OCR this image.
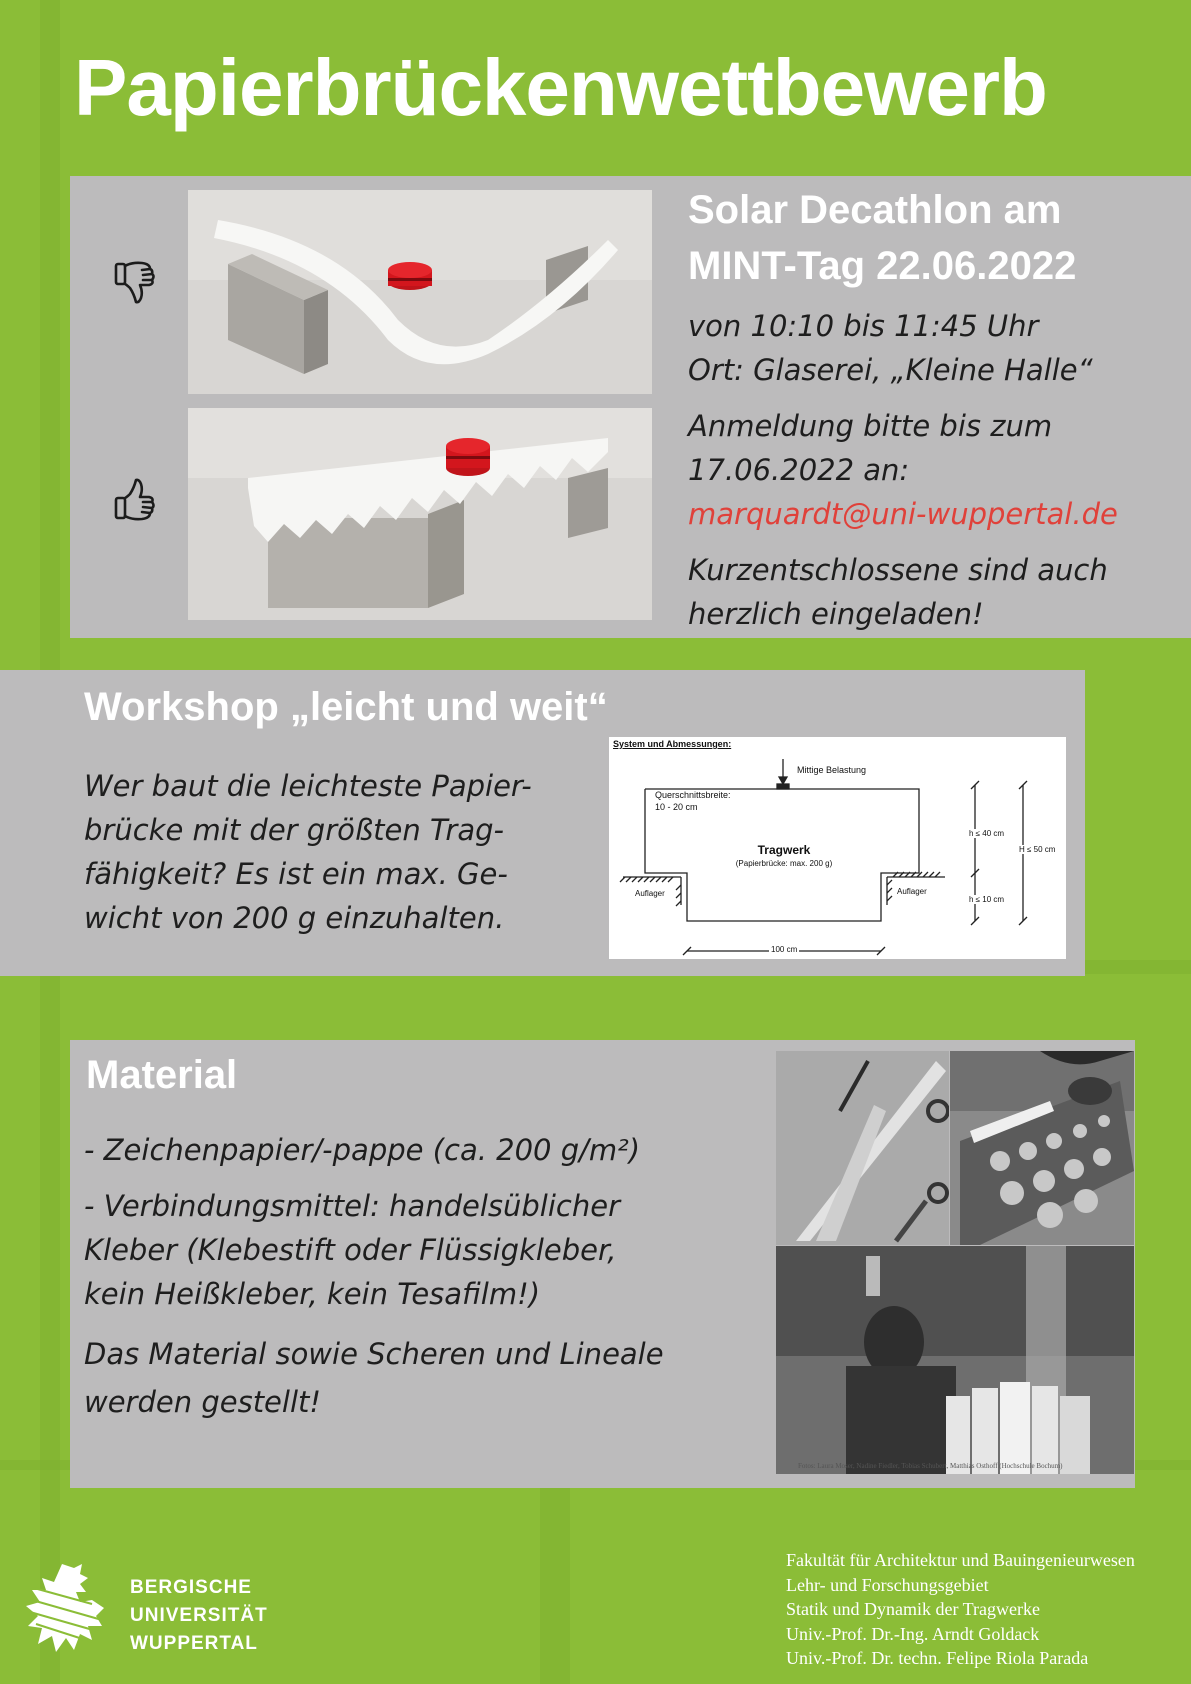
Papierbrückenwettbewerb
Solar Decathlon am
MINT-Tag 22.06.2022
von 10:10 bis 11:45 Uhr
Ort: Glaserei, „Kleine Halle“
Anmeldung bitte bis zum
17.06.2022 an:
marquardt@uni-wuppertal.de
Kurzentschlossene sind auch
herzlich eingeladen!
Workshop „leicht und weit“
Wer baut die leichteste Papier-
brücke mit der größten Trag-
fähigkeit? Es ist ein max. Ge-
wicht von 200 g einzuhalten.
System und Abmessungen:
Mittige Belastung
Querschnittsbreite:
10 - 20 cm
Tragwerk
(Papierbrücke: max. 200 g)
Auflager	Auflager
h ≤ 40 cm
h ≤ 10 cm
H ≤ 50 cm
100 cm
Material
- Zeichenpapier/-pappe (ca. 200 g/m²)
- Verbindungsmittel: handelsüblicher
Kleber (Klebestift oder Flüssigkleber,
kein Heißkleber, kein Tesafilm!)
Das Material sowie Scheren und Lineale
werden gestellt!
Fotos: Laura Moser, Nadine Fiedler, Tobias Schubert, Matthias Osthoff (Hochschule Bochum)
BERGISCHE
UNIVERSITÄT
WUPPERTAL
Fakultät für Architektur und Bauingenieurwesen
Lehr- und Forschungsgebiet
Statik und Dynamik der Tragwerke
Univ.-Prof. Dr.-Ing. Arndt Goldack
Univ.-Prof. Dr. techn. Felipe Riola Parada
